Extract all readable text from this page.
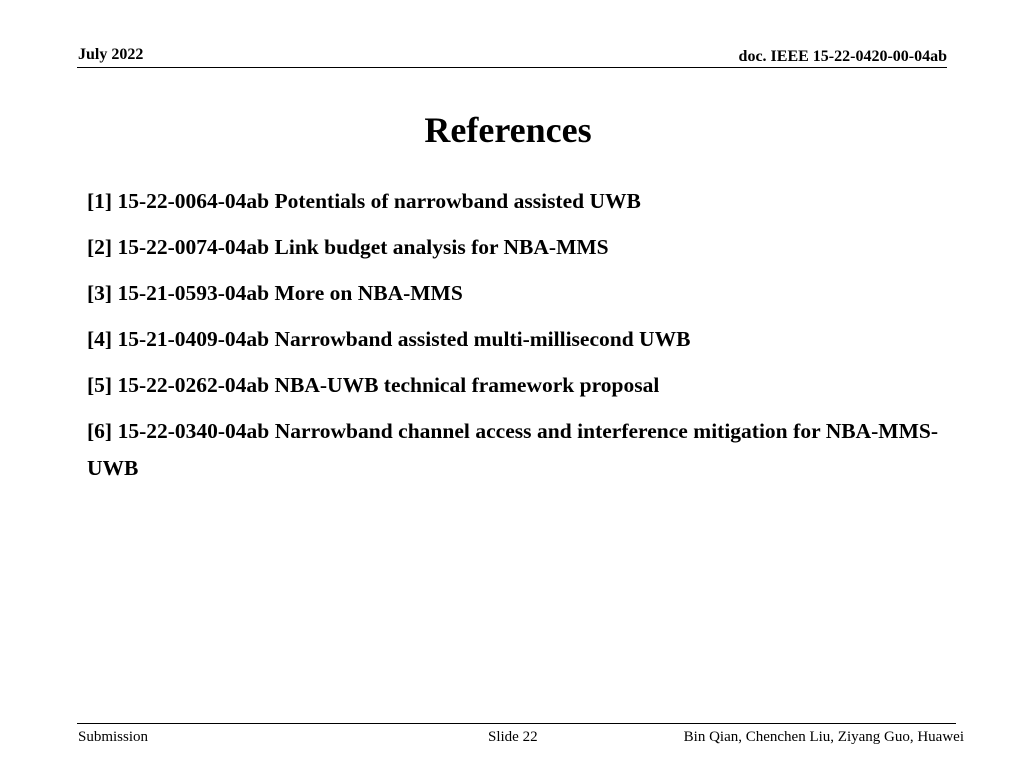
July 2022	doc. IEEE 15-22-0420-00-04ab
References
[1] 15-22-0064-04ab Potentials of narrowband assisted UWB
[2] 15-22-0074-04ab Link budget analysis for NBA-MMS
[3] 15-21-0593-04ab More on NBA-MMS
[4] 15-21-0409-04ab Narrowband assisted multi-millisecond UWB
[5] 15-22-0262-04ab NBA-UWB technical framework proposal
[6] 15-22-0340-04ab Narrowband channel access and interference mitigation for NBA-MMS-UWB
Submission	Slide 22	Bin Qian, Chenchen Liu, Ziyang Guo, Huawei
